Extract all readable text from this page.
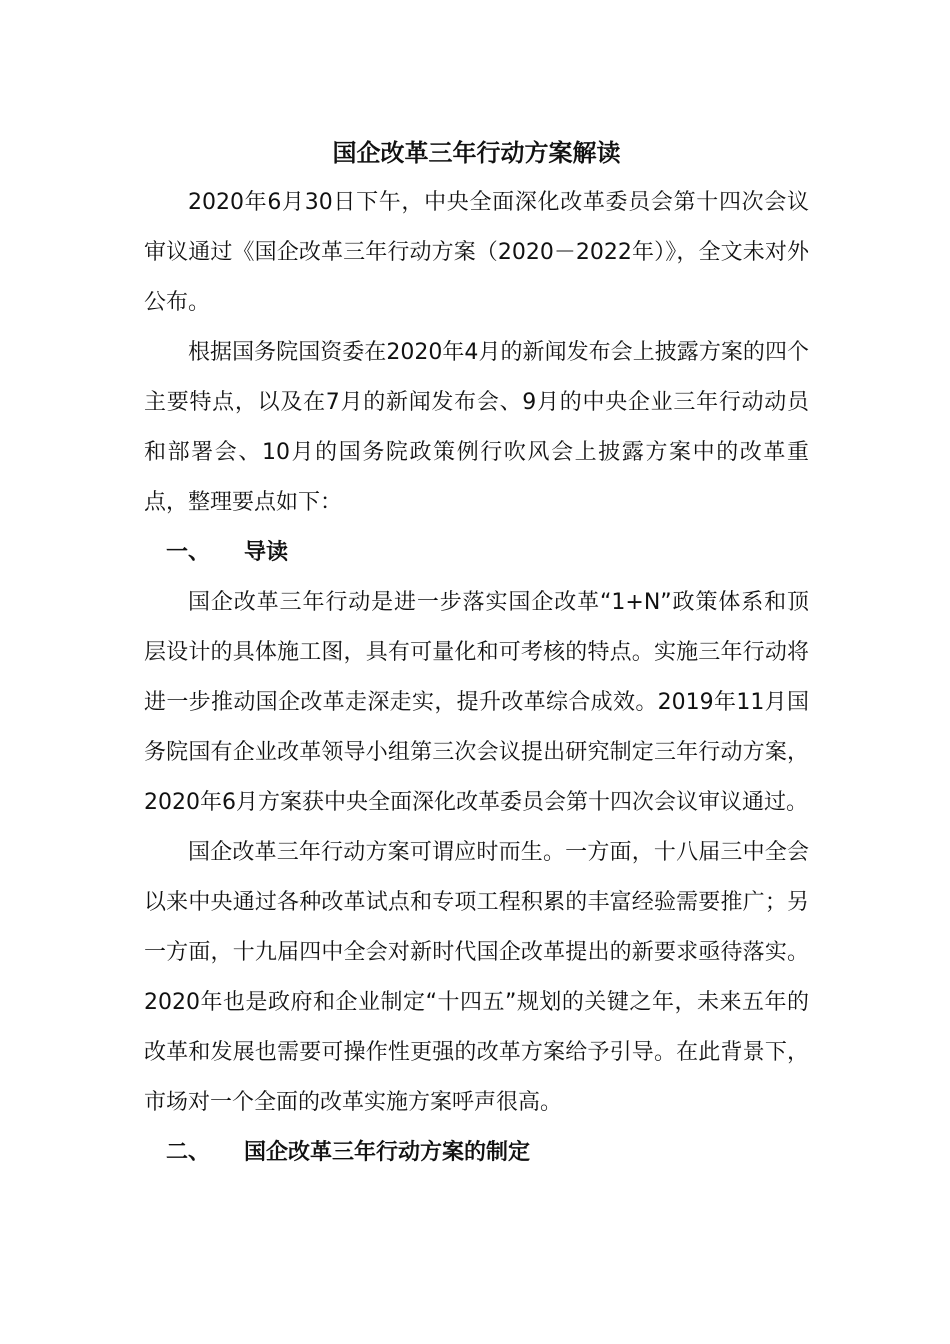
国企改革三年行动方案解读

2020年6月30日下午，中央全面深化改革委员会第十四次会议审议通过《国企改革三年行动方案（2020－2022年）》，全文未对外公布。

根据国务院国资委在2020年4月的新闻发布会上披露方案的四个主要特点，以及在7月的新闻发布会、9月的中央企业三年行动动员和部署会、10月的国务院政策例行吹风会上披露方案中的改革重点，整理要点如下：

一、 导读

国企改革三年行动是进一步落实国企改革“1+N”政策体系和顶层设计的具体施工图，具有可量化和可考核的特点。实施三年行动将进一步推动国企改革走深走实，提升改革综合成效。2019年11月国务院国有企业改革领导小组第三次会议提出研究制定三年行动方案，2020年6月方案获中央全面深化改革委员会第十四次会议审议通过。

国企改革三年行动方案可谓应时而生。一方面，十八届三中全会以来中央通过各种改革试点和专项工程积累的丰富经验需要推广；另一方面，十九届四中全会对新时代国企改革提出的新要求亟待落实。2020年也是政府和企业制定“十四五”规划的关键之年，未来五年的改革和发展也需要可操作性更强的改革方案给予引导。在此背景下，市场对一个全面的改革实施方案呼声很高。

二、 国企改革三年行动方案的制定
